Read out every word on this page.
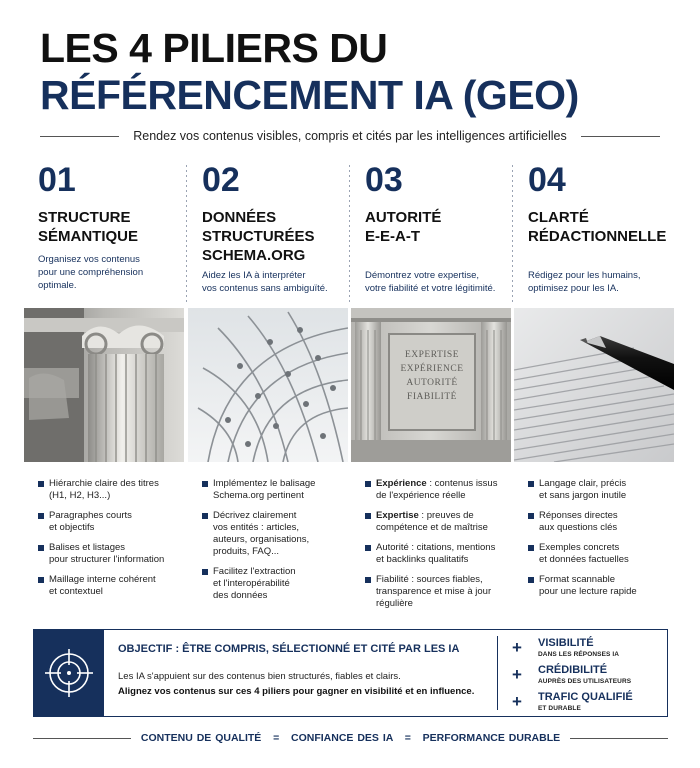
LES 4 PILIERS DU
RÉFÉRENCEMENT IA (GEO)
Rendez vos contenus visibles, compris et cités par les intelligences artificielles
01
STRUCTURE
SÉMANTIQUE
Organisez vos contenus
pour une compréhension
optimale.
Hiérarchie claire des titres
(H1, H2, H3...)
Paragraphes courts
et objectifs
Balises et listages
pour structurer l'information
Maillage interne cohérent
et contextuel
02
DONNÉES
STRUCTURÉES
SCHEMA.ORG
Aidez les IA à interpréter
vos contenus sans ambiguïté.
Implémentez le balisage
Schema.org pertinent
Décrivez clairement
vos entités : articles,
auteurs, organisations,
produits, FAQ...
Facilitez l'extraction
et l'interopérabilité
des données
03
AUTORITÉ
E-E-A-T
Démontrez votre expertise,
votre fiabilité et votre légitimité.
EXPERTISE
EXPÉRIENCE
AUTORITÉ
FIABILITÉ
Expérience : contenus issus
de l'expérience réelle
Expertise : preuves de
compétence et de maîtrise
Autorité : citations, mentions
et backlinks qualitatifs
Fiabilité : sources fiables,
transparence et mise à jour
régulière
04
CLARTÉ
RÉDACTIONNELLE
Rédigez pour les humains,
optimisez pour les IA.
Langage clair, précis
et sans jargon inutile
Réponses directes
aux questions clés
Exemples concrets
et données factuelles
Format scannable
pour une lecture rapide
OBJECTIF : ÊTRE COMPRIS, SÉLECTIONNÉ ET CITÉ PAR LES IA
Les IA s'appuient sur des contenus bien structurés, fiables et clairs.
Alignez vos contenus sur ces 4 piliers pour gagner en visibilité et en influence.
+ VISIBILITÉ
DANS LES RÉPONSES IA
+ CRÉDIBILITÉ
AUPRÈS DES UTILISATEURS
+ TRAFIC QUALIFIÉ
ET DURABLE
CONTENU DE QUALITÉ = CONFIANCE DES IA = PERFORMANCE DURABLE
